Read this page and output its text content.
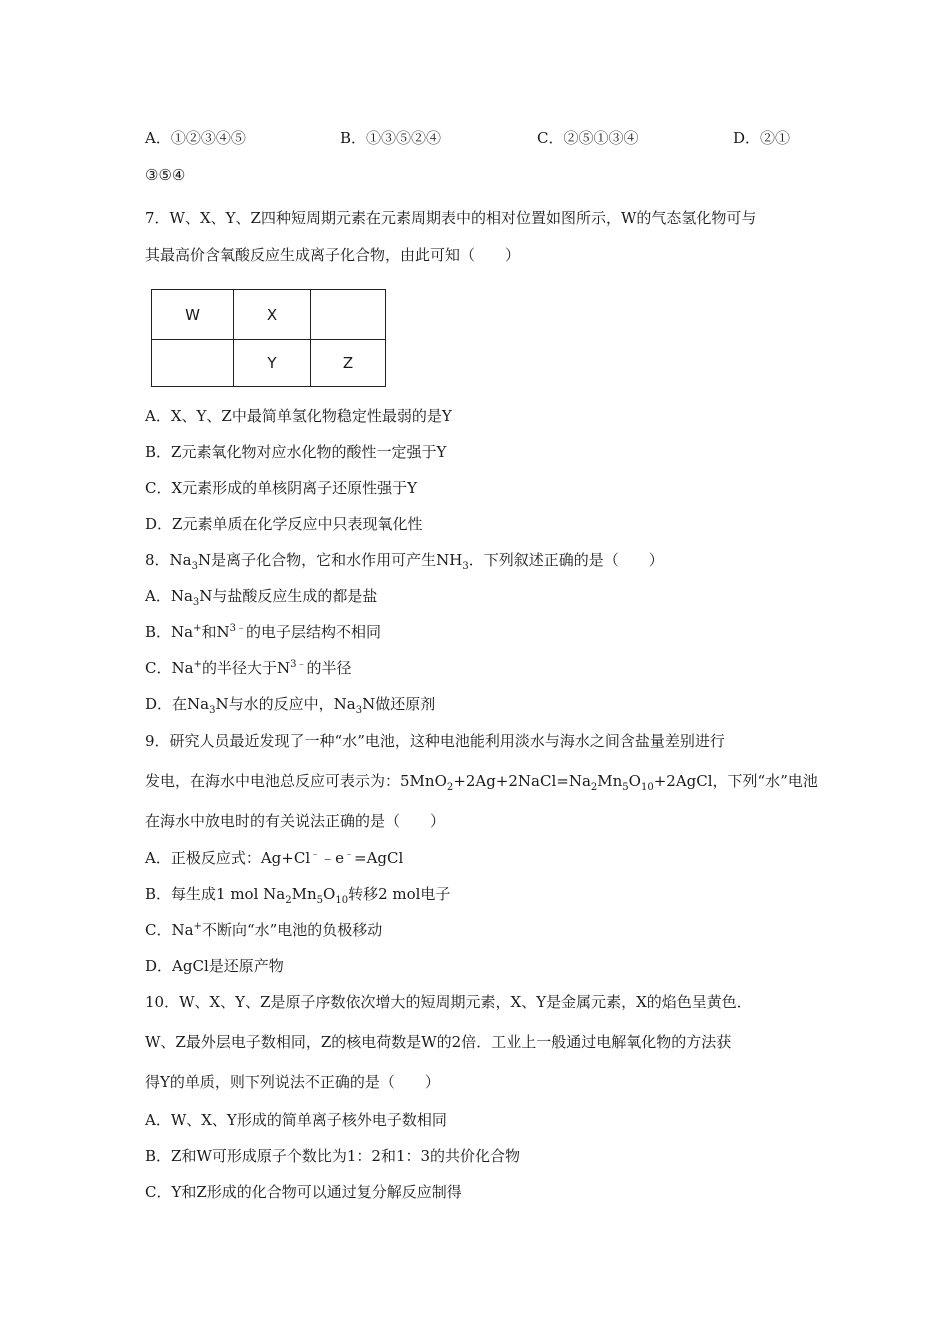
A．①②③④⑤	B．①③⑤②④	C．②⑤①③④	D．②①
③⑤④
7．W、X、Y、Z四种短周期元素在元素周期表中的相对位置如图所示，W的气态氢化物可与
其最高价含氧酸反应生成离子化合物，由此可知（　　）
W	X	
	Y	Z
A．X、Y、Z中最简单氢化物稳定性最弱的是Y
B．Z元素氧化物对应水化物的酸性一定强于Y
C．X元素形成的单核阴离子还原性强于Y
D．Z元素单质在化学反应中只表现氧化性
8．$Na_3N$是离子化合物，它和水作用可产生$NH_3$．下列叙述正确的是（　　）
A．$Na_3N$与盐酸反应生成的都是盐
B．Na+和$N^{3﹣}$的电子层结构不相同
C．Na+的半径大于$N^{3﹣}$的半径
D．在$Na_3N$与水的反应中，$Na_3N$做还原剂
9．研究人员最近发现了一种“水”电池，这种电池能利用淡水与海水之间含盐量差别进行
发电，在海水中电池总反应可表示为：$5MnO_2+2Ag+2NaCl=Na_2Mn_5O_{10}+2AgCl$，下列“水”电池
在海水中放电时的有关说法正确的是（　　）
A．正极反应式：Ag+Cl﹣﹣e﹣=AgCl
B．每生成1 mol $Na_2Mn_5O_{10}$转移2 mol电子
C．Na+不断向“水”电池的负极移动
D．AgCl是还原产物
10．W、X、Y、Z是原子序数依次增大的短周期元素，X、Y是金属元素，X的焰色呈黄色．
W、Z最外层电子数相同，Z的核电荷数是W的2倍．工业上一般通过电解氧化物的方法获
得Y的单质，则下列说法不正确的是（　　）
A．W、X、Y形成的简单离子核外电子数相同
B．Z和W可形成原子个数比为1：2和1：3的共价化合物
C．Y和Z形成的化合物可以通过复分解反应制得
